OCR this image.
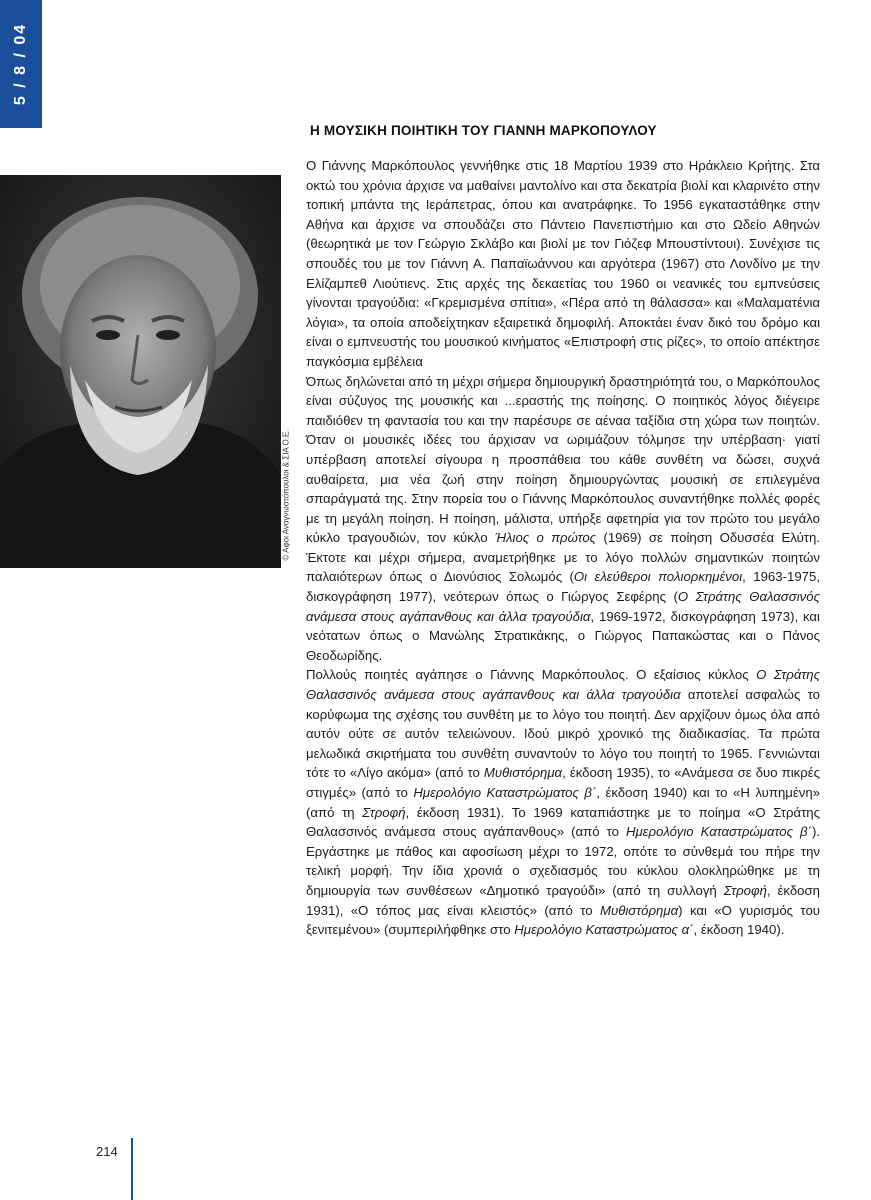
5 / 8 / 04
© Αφοι Αναγνωστόπουλοι & ΣΙΑ Ο.Ε.
Η ΜΟΥΣΙΚΗ ΠΟΙΗΤΙΚΗ ΤΟΥ ΓΙΑΝΝΗ ΜΑΡΚΟΠΟΥΛΟΥ

Ο Γιάννης Μαρκόπουλος γεννήθηκε στις 18 Μαρτίου 1939 στο Ηράκλειο Κρήτης. Στα οκτώ του χρόνια άρχισε να μαθαίνει μαντολίνο και στα δεκατρία βιολί και κλαρινέτο στην τοπική μπάντα της Ιεράπετρας, όπου και ανατράφηκε. Το 1956 εγκαταστάθηκε στην Αθήνα και άρχισε να σπουδάζει στο Πάντειο Πανεπιστήμιο και στο Ωδείο Αθηνών (θεωρητικά με τον Γεώργιο Σκλάβο και βιολί με τον Γιόζεφ Μπουστίντουι). Συνέχισε τις σπουδές του με τον Γιάννη Α. Παπαϊωάννου και αργότερα (1967) στο Λονδίνο με την Ελίζαμπεθ Λιούτιενς. Στις αρχές της δεκαετίας του 1960 οι νεανικές του εμπνεύσεις γίνονται τραγούδια: «Γκρεμισμένα σπίτια», «Πέρα από τη θάλασσα» και «Μαλαματένια λόγια», τα οποία αποδείχτηκαν εξαιρετικά δημοφιλή. Αποκτάει έναν δικό του δρόμο και είναι ο εμπνευστής του μουσικού κινήματος «Επιστροφή στις ρίζες», το οποίο απέκτησε παγκόσμια εμβέλεια

Όπως δηλώνεται από τη μέχρι σήμερα δημιουργική δραστηριότητά του, ο Μαρκόπουλος είναι σύζυγος της μουσικής και ...εραστής της ποίησης. Ο ποιητικός λόγος διέγειρε παιδιόθεν τη φαντασία του και την παρέσυρε σε αέναα ταξίδια στη χώρα των ποιητών. Όταν οι μουσικές ιδέες του άρχισαν να ωριμάζουν τόλμησε την υπέρβαση· γιατί υπέρβαση αποτελεί σίγουρα η προσπάθεια του κάθε συνθέτη να δώσει, συχνά αυθαίρετα, μια νέα ζωή στην ποίηση δημιουργώντας μουσική σε επιλεγμένα σπαράγματά της. Στην πορεία του ο Γιάννης Μαρκόπουλος συναντήθηκε πολλές φορές με τη μεγάλη ποίηση. Η ποίηση, μάλιστα, υπήρξε αφετηρία για τον πρώτο του μεγάλο κύκλο τραγουδιών, τον κύκλο Ήλιος ο πρώτος (1969) σε ποίηση Οδυσσέα Ελύτη. Έκτοτε και μέχρι σήμερα, αναμετρήθηκε με το λόγο πολλών σημαντικών ποιητών παλαιότερων όπως ο Διονύσιος Σολωμός (Οι ελεύθεροι πολιορκημένοι, 1963-1975, δισκογράφηση 1977), νεότερων όπως ο Γιώργος Σεφέρης (Ο Στράτης Θαλασσινός ανάμεσα στους αγάπανθους και άλλα τραγούδια, 1969-1972, δισκογράφηση 1973), και νεότατων όπως ο Μανώλης Στρατικάκης, ο Γιώργος Παπακώστας και ο Πάνος Θεοδωρίδης.

Πολλούς ποιητές αγάπησε ο Γιάννης Μαρκόπουλος. Ο εξαίσιος κύκλος Ο Στράτης Θαλασσινός ανάμεσα στους αγάπανθους και άλλα τραγούδια αποτελεί ασφαλώς το κορύφωμα της σχέσης του συνθέτη με το λόγο του ποιητή. Δεν αρχίζουν όμως όλα από αυτόν ούτε σε αυτόν τελειώνουν. Ιδού μικρό χρονικό της διαδικασίας. Τα πρώτα μελωδικά σκιρτήματα του συνθέτη συναντούν το λόγο του ποιητή το 1965. Γεννιώνται τότε το «Λίγο ακόμα» (από το Μυθιστόρημα, έκδοση 1935), το «Ανάμεσα σε δυο πικρές στιγμές» (από το Ημερολόγιο Καταστρώματος β΄, έκδοση 1940) και το «Η λυπημένη» (από τη Στροφή, έκδοση 1931). Το 1969 καταπιάστηκε με το ποίημα «Ο Στράτης Θαλασσινός ανάμεσα στους αγάπανθους» (από το Ημερολόγιο Καταστρώματος β΄). Εργάστηκε με πάθος και αφοσίωση μέχρι το 1972, οπότε το σύνθεμά του πήρε την τελική μορφή. Την ίδια χρονιά ο σχεδιασμός του κύκλου ολοκληρώθηκε με τη δημιουργία των συνθέσεων «Δημοτικό τραγούδι» (από τη συλλογή Στροφή, έκδοση 1931), «Ο τόπος μας είναι κλειστός» (από το Μυθιστόρημα) και «Ο γυρισμός του ξενιτεμένου» (συμπεριλήφθηκε στο Ημερολόγιο Καταστρώματος α΄, έκδοση 1940).

214
